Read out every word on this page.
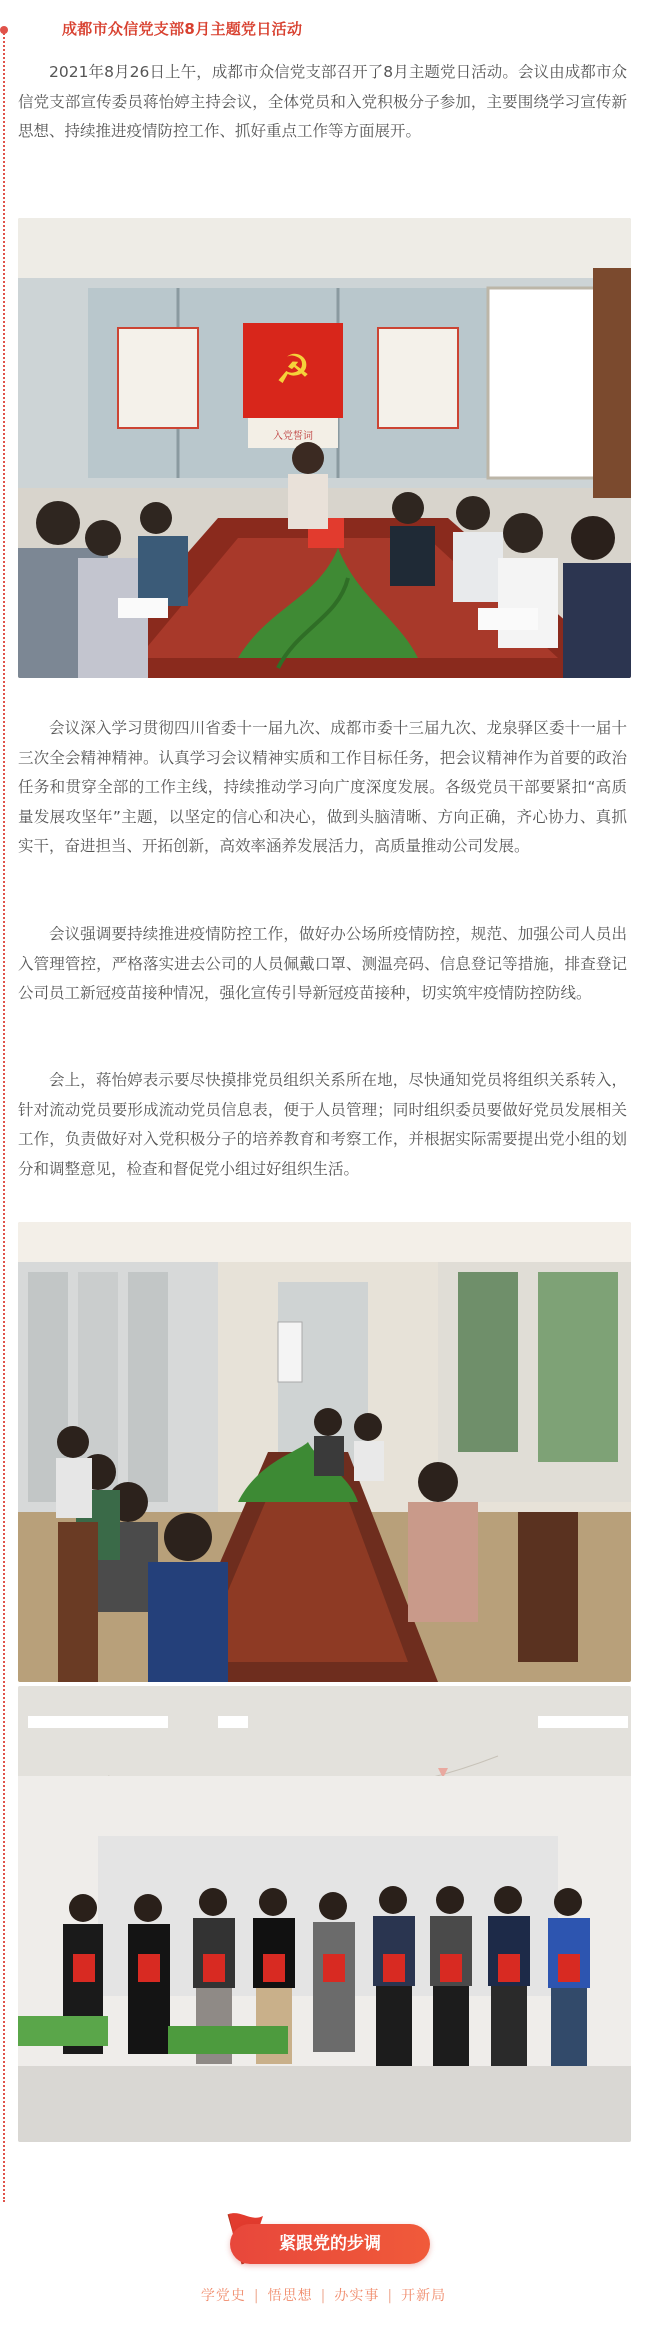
成都市众信党支部8月主题党日活动

2021年8月26日上午，成都市众信党支部召开了8月主题党日活动。会议由成都市众信党支部宣传委员蒋怡婷主持会议，全体党员和入党积极分子参加，主要围绕学习宣传新思想、持续推进疫情防控工作、抓好重点工作等方面展开。

☭
入党誓词

会议深入学习贯彻四川省委十一届九次、成都市委十三届九次、龙泉驿区委十一届十三次全会精神精神。认真学习会议精神实质和工作目标任务，把会议精神作为首要的政治任务和贯穿全部的工作主线，持续推动学习向广度深度发展。各级党员干部要紧扣“高质量发展攻坚年”主题，以坚定的信心和决心，做到头脑清晰、方向正确，齐心协力、真抓实干，奋进担当、开拓创新，高效率涵养发展活力，高质量推动公司发展。

会议强调要持续推进疫情防控工作，做好办公场所疫情防控，规范、加强公司人员出入管理管控，严格落实进去公司的人员佩戴口罩、测温亮码、信息登记等措施，排查登记公司员工新冠疫苗接种情况，强化宣传引导新冠疫苗接种，切实筑牢疫情防控防线。

会上，蒋怡婷表示要尽快摸排党员组织关系所在地，尽快通知党员将组织关系转入，针对流动党员要形成流动党员信息表，便于人员管理；同时组织委员要做好党员发展相关工作，负责做好对入党积极分子的培养教育和考察工作，并根据实际需要提出党小组的划分和调整意见，检查和督促党小组过好组织生活。

紧跟党的步调
学党史 | 悟思想 | 办实事 | 开新局
